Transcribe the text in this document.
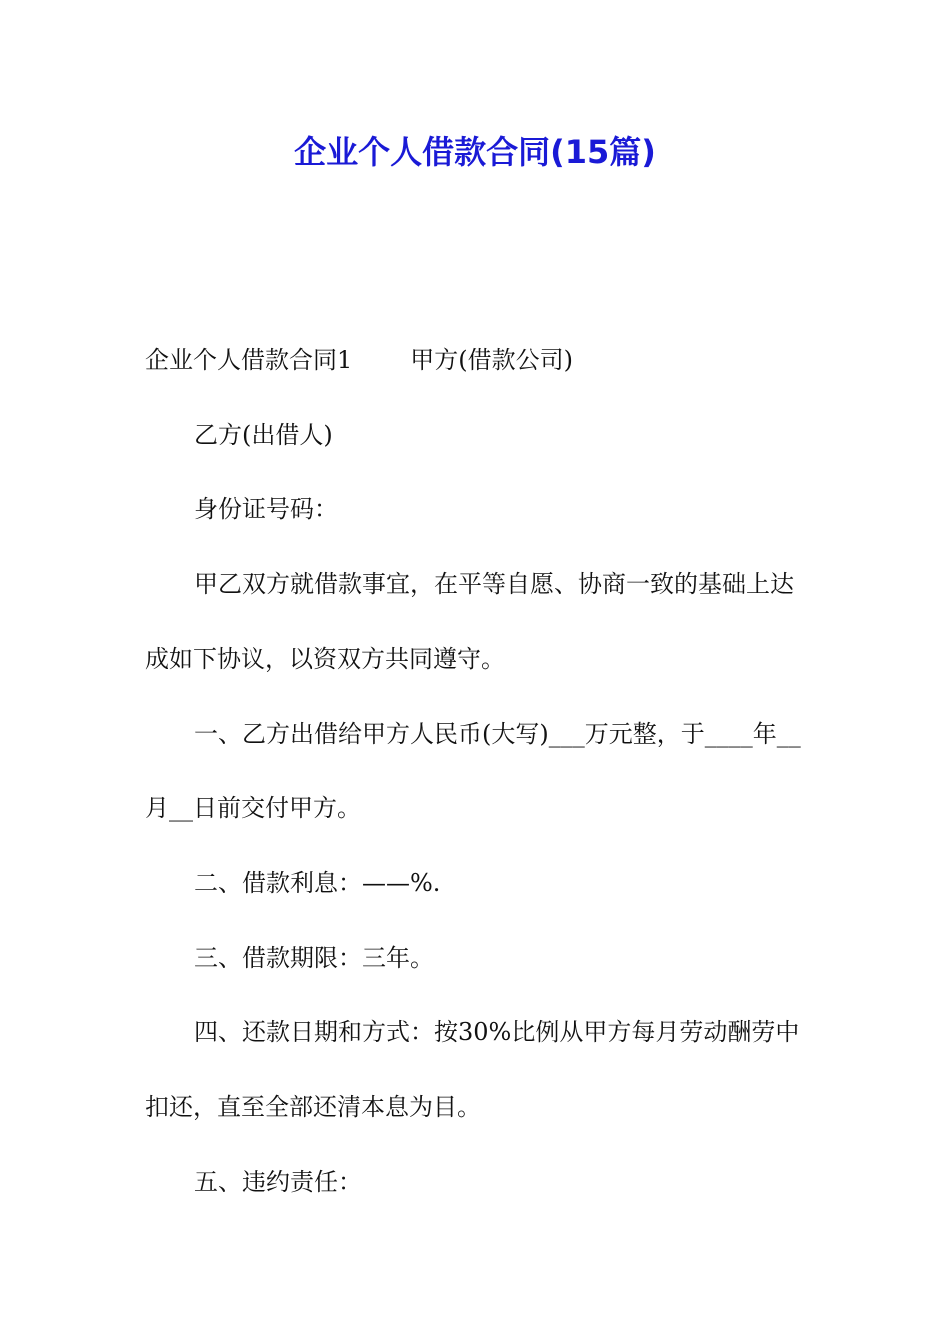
企业个人借款合同(15篇)
企业个人借款合同1 甲方(借款公司)
乙方(出借人)
身份证号码：
甲乙双方就借款事宜，在平等自愿、协商一致的基础上达
成如下协议，以资双方共同遵守。
一、乙方出借给甲方人民币(大写)___万元整，于____年__
月__日前交付甲方。
二、借款利息：——%.
三、借款期限：三年。
四、还款日期和方式：按30%比例从甲方每月劳动酬劳中
扣还，直至全部还清本息为目。
五、违约责任：
